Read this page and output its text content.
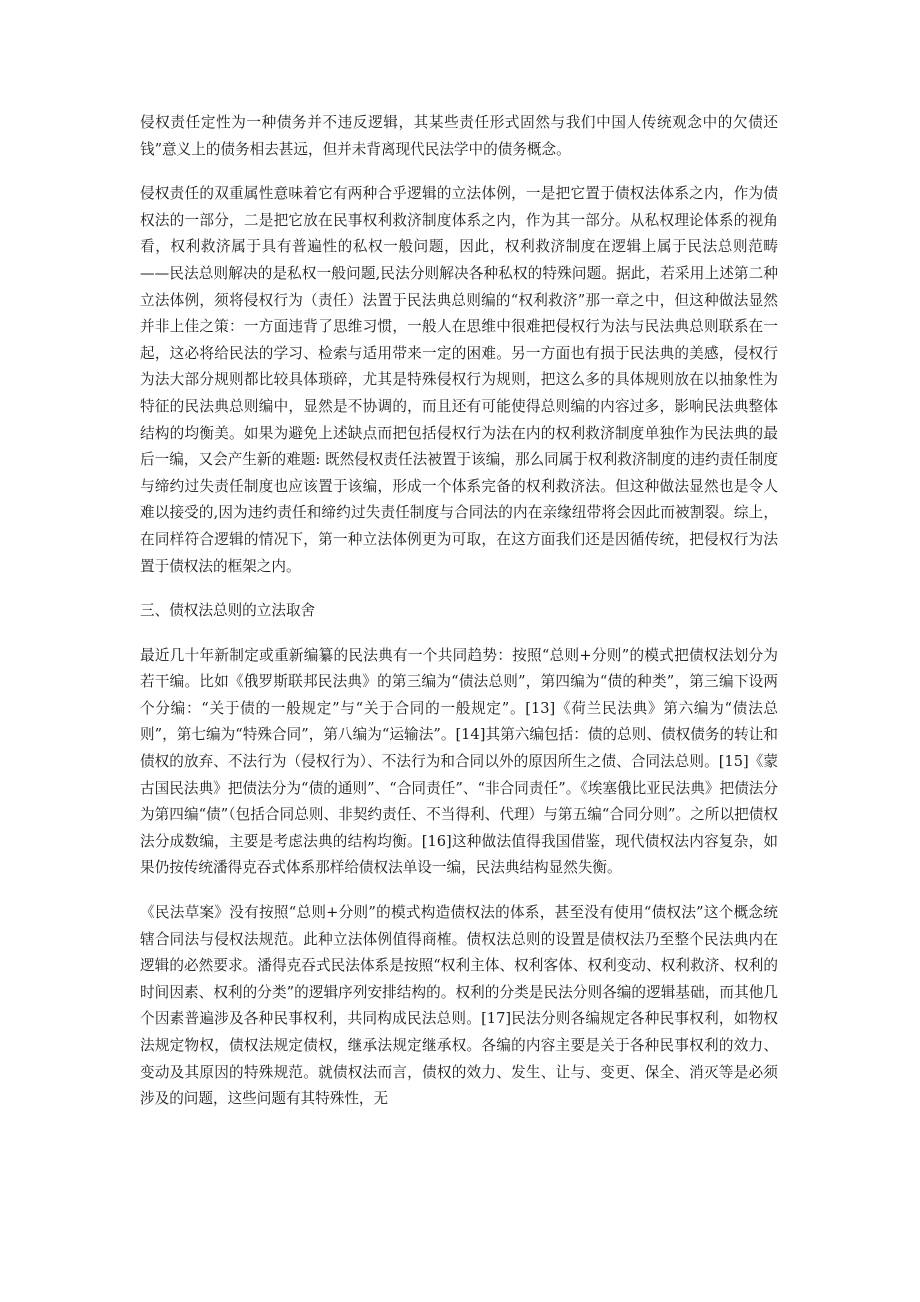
侵权责任定性为一种债务并不违反逻辑，其某些责任形式固然与我们中国人传统观念中的欠债还钱”意义上的债务相去甚远，但并未背离现代民法学中的债务概念。

侵权责任的双重属性意味着它有两种合乎逻辑的立法体例，一是把它置于债权法体系之内，作为债权法的一部分，二是把它放在民事权利救济制度体系之内，作为其一部分。从私权理论体系的视角看，权利救济属于具有普遍性的私权一般问题，因此，权利救济制度在逻辑上属于民法总则范畴——民法总则解决的是私权一般问题,民法分则解决各种私权的特殊问题。据此，若采用上述第二种立法体例，须将侵权行为（责任）法置于民法典总则编的“权利救济”那一章之中，但这种做法显然并非上佳之策：一方面违背了思维习惯，一般人在思维中很难把侵权行为法与民法典总则联系在一起，这必将给民法的学习、检索与适用带来一定的困难。另一方面也有损于民法典的美感，侵权行为法大部分规则都比较具体琐碎，尤其是特殊侵权行为规则，把这么多的具体规则放在以抽象性为特征的民法典总则编中，显然是不协调的，而且还有可能使得总则编的内容过多，影响民法典整体结构的均衡美。如果为避免上述缺点而把包括侵权行为法在内的权利救济制度单独作为民法典的最后一编，又会产生新的难题: 既然侵权责任法被置于该编，那么同属于权利救济制度的违约责任制度与缔约过失责任制度也应该置于该编，形成一个体系完备的权利救济法。但这种做法显然也是令人难以接受的,因为违约责任和缔约过失责任制度与合同法的内在亲缘纽带将会因此而被割裂。综上，在同样符合逻辑的情况下，第一种立法体例更为可取，在这方面我们还是因循传统，把侵权行为法置于债权法的框架之内。

三、债权法总则的立法取舍

最近几十年新制定或重新编纂的民法典有一个共同趋势：按照“总则+分则”的模式把债权法划分为若干编。比如《俄罗斯联邦民法典》的第三编为“债法总则”，第四编为“债的种类”，第三编下设两个分编：“关于债的一般规定”与“关于合同的一般规定”。[13]《荷兰民法典》第六编为“债法总则”，第七编为“特殊合同”，第八编为“运输法”。[14]其第六编包括：债的总则、债权债务的转让和债权的放弃、不法行为（侵权行为）、不法行为和合同以外的原因所生之债、合同法总则。[15]《蒙古国民法典》把债法分为“债的通则”、“合同责任”、“非合同责任”。《埃塞俄比亚民法典》把债法分为第四编“债”（包括合同总则、非契约责任、不当得利、代理）与第五编“合同分则”。之所以把债权法分成数编，主要是考虑法典的结构均衡。[16]这种做法值得我国借鉴，现代债权法内容复杂，如果仍按传统潘得克吞式体系那样给债权法单设一编，民法典结构显然失衡。

《民法草案》没有按照“总则+分则”的模式构造债权法的体系，甚至没有使用“债权法”这个概念统辖合同法与侵权法规范。此种立法体例值得商榷。债权法总则的设置是债权法乃至整个民法典内在逻辑的必然要求。潘得克吞式民法体系是按照“权利主体、权利客体、权利变动、权利救济、权利的时间因素、权利的分类”的逻辑序列安排结构的。权利的分类是民法分则各编的逻辑基础，而其他几个因素普遍涉及各种民事权利，共同构成民法总则。[17]民法分则各编规定各种民事权利，如物权法规定物权，债权法规定债权，继承法规定继承权。各编的内容主要是关于各种民事权利的效力、变动及其原因的特殊规范。就债权法而言，债权的效力、发生、让与、变更、保全、消灭等是必须涉及的问题，这些问题有其特殊性，无
